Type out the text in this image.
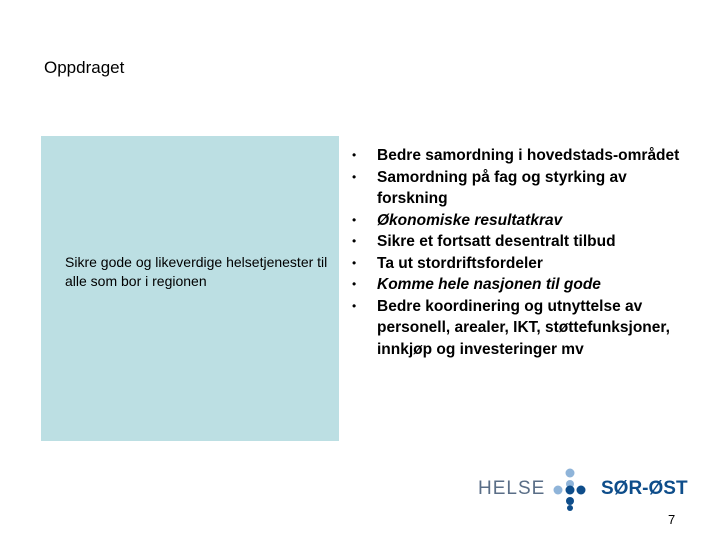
Oppdraget
Sikre gode og likeverdige helsetjenester til alle som bor i regionen
• Bedre samordning i hovedstads-området
• Samordning på fag og styrking av forskning
• Økonomiske resultatkrav
• Sikre et fortsatt desentralt tilbud
• Ta ut stordriftsfordeler
• Komme hele nasjonen til gode
• Bedre koordinering og utnyttelse av personell, arealer, IKT, støttefunksjoner, innkjøp og investeringer mv
HELSE	SØR-ØST
7
